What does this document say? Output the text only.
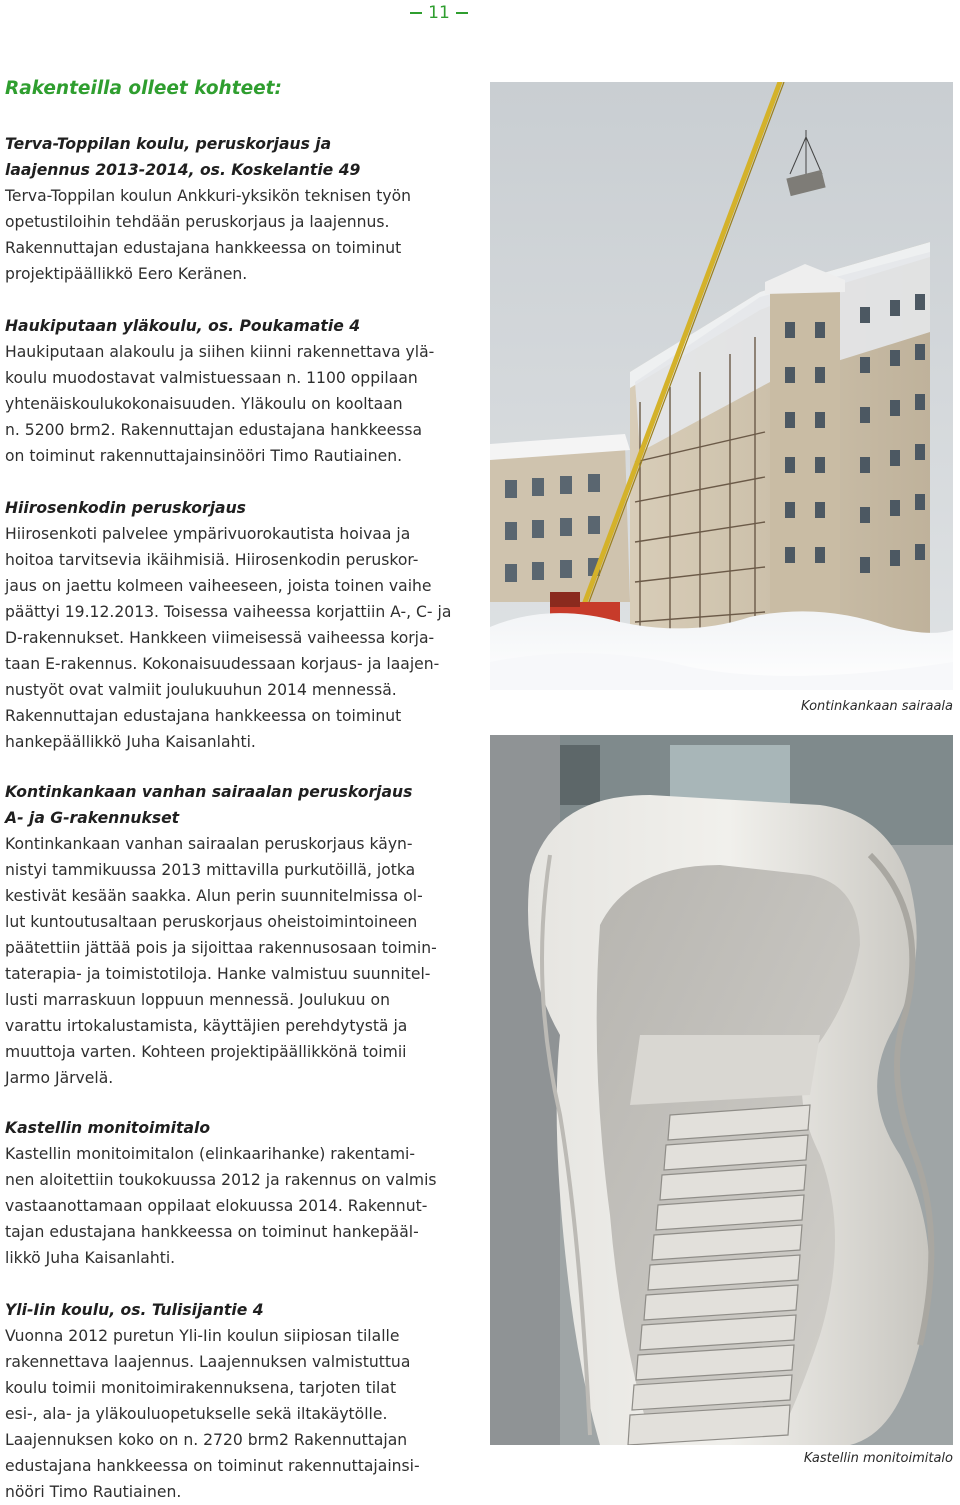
11
Rakenteilla olleet kohteet:
Terva-Toppilan koulu, peruskorjaus ja
laajennus 2013-2014, os. Koskelantie 49

Terva-Toppilan koulun Ankkuri-yksikön teknisen työn
opetustiloihin tehdään peruskorjaus ja laajennus.
Rakennuttajan edustajana hankkeessa on toiminut
projektipäällikkö Eero Keränen.

Haukiputaan yläkoulu, os. Poukamatie 4

Haukiputaan alakoulu ja siihen kiinni rakennettava ylä-
koulu muodostavat valmistuessaan n. 1100 oppilaan
yhtenäiskoulukokonaisuuden. Yläkoulu on kooltaan
n. 5200 brm2. Rakennuttajan edustajana hankkeessa
on toiminut rakennuttajainsinööri Timo Rautiainen.

Hiirosenkodin peruskorjaus

Hiirosenkoti palvelee ympärivuorokautista hoivaa ja
hoitoa tarvitsevia ikäihmisiä. Hiirosenkodin peruskor-
jaus on jaettu kolmeen vaiheeseen, joista toinen vaihe
päättyi 19.12.2013. Toisessa vaiheessa korjattiin A-, C- ja
D-rakennukset. Hankkeen viimeisessä vaiheessa korja-
taan E-rakennus. Kokonaisuudessaan korjaus- ja laajen-
nustyöt ovat valmiit joulukuuhun 2014 mennessä.
Rakennuttajan edustajana hankkeessa on toiminut
hankepäällikkö Juha Kaisanlahti.

Kontinkankaan vanhan sairaalan peruskorjaus
A- ja G-rakennukset

Kontinkankaan vanhan sairaalan peruskorjaus käyn-
nistyi tammikuussa 2013 mittavilla purkutöillä, jotka
kestivät kesään saakka. Alun perin suunnitelmissa ol-
lut kuntoutusaltaan peruskorjaus oheistoimintoineen
päätettiin jättää pois ja sijoittaa rakennusosaan toimin-
taterapia- ja toimistotiloja. Hanke valmistuu suunnitel-
lusti marraskuun loppuun mennessä. Joulukuu on
varattu irtokalustamista, käyttäjien perehdytystä ja
muuttoja varten. Kohteen projektipäällikkönä toimii
Jarmo Järvelä.

Kastellin monitoimitalo

Kastellin monitoimitalon (elinkaarihanke) rakentami-
nen aloitettiin toukokuussa 2012 ja rakennus on valmis
vastaanottamaan oppilaat elokuussa 2014. Rakennut-
tajan edustajana hankkeessa on toiminut hankepääl-
likkö Juha Kaisanlahti.

Yli-Iin koulu, os. Tulisijantie 4

Vuonna 2012 puretun Yli-Iin koulun siipiosan tilalle
rakennettava laajennus. Laajennuksen valmistuttua
koulu toimii monitoimirakennuksena, tarjoten tilat
esi-, ala- ja yläkouluopetukselle sekä iltakäytölle.
Laajennuksen koko on n. 2720 brm2 Rakennuttajan
edustajana hankkeessa on toiminut rakennuttajainsi-
nööri Timo Rautiainen.

Kontinkankaan sairaala
Kastellin monitoimitalo
